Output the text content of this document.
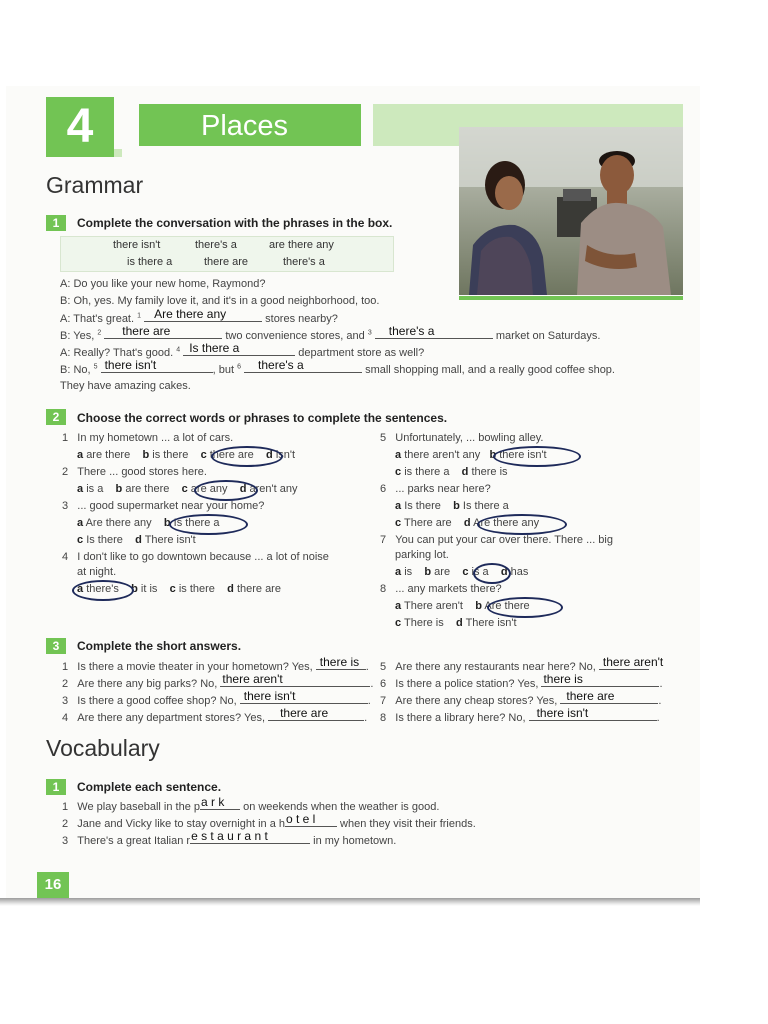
4	Places
Grammar
1	Complete the conversation with the phrases in the box.
there isn't	there's a	are there any
is there a	there are	there's a
A: Do you like your new home, Raymond?
B: Oh, yes. My family love it, and it's in a good neighborhood, too.
A: That's great. $^1$ Are there any	stores nearby?
B: Yes, $^2$ there are	two convenience stores, and $^3$ there's a	market on Saturdays.
A: Really? That's good. $^4$ Is there a	department store as well?
B: No, $^5$ there isn't	, but $^6$ there's a	small shopping mall, and a really good coffee shop.
They have amazing cakes.
2	Choose the correct words or phrases to complete the sentences.
1 In my hometown ... a lot of cars.
a are there b is there c there are d isn't
2 There ... good stores here.
a is a b are there c are any d aren't any
3 ... good supermarket near your home?
a Are there any b Is there a
c Is there d There isn't
4 I don't like to go downtown because ... a lot of noise
at night.
a there's b it is c is there d there are
5 Unfortunately, ... bowling alley.
a there aren't any b there isn't
c is there a d there is
6 ... parks near here?
a Is there b Is there a
c There are d Are there any
7 You can put your car over there. There ... big
parking lot.
a is b are c is a d has
8 ... any markets there?
a There aren't b Are there
c There is d There isn't
3	Complete the short answers.
1 Is there a movie theater in your hometown? Yes, there is .
2 Are there any big parks? No, there aren't	.
3 Is there a good coffee shop? No, there isn't	.
4 Are there any department stores? Yes, there are	.
5 Are there any restaurants near here? No, there aren't
6 Is there a police station? Yes, there is	.
7 Are there any cheap stores? Yes, there are	.
8 Is there a library here? No, there isn't	.
Vocabulary
1	Complete each sentence.
1 We play baseball in the p a r k on weekends when the weather is good.
2 Jane and Vicky like to stay overnight in a h o t e l when they visit their friends.
3 There's a great Italian r e s t a u r a n t	in my hometown.
16
